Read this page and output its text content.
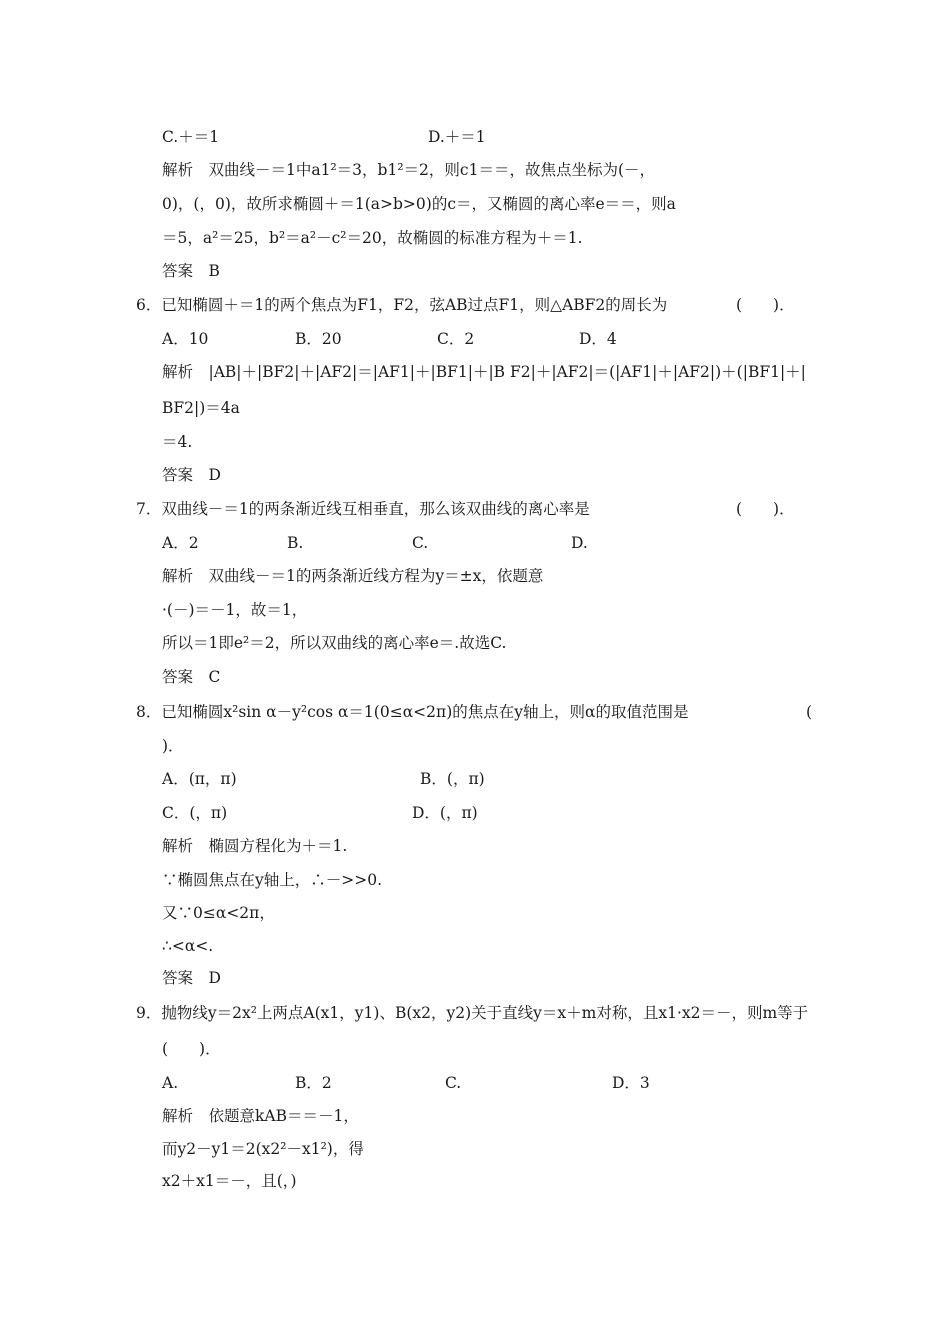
C.＋＝1	D.＋＝1
解析　双曲线－＝1中a1²＝3，b1²＝2，则c1＝＝，故焦点坐标为(－，
0)，(，0)，故所求椭圆＋＝1(a>b>0)的c＝，又椭圆的离心率e＝＝，则a
＝5，a²＝25，b²＝a²－c²＝20，故椭圆的标准方程为＋＝1.
答案　B
6．已知椭圆＋＝1的两个焦点为F1，F2，弦AB过点F1，则△ABF2的周长为	(　　)．
A．10	B．20	C．2	D．4
解析　|AB|＋|BF2|＋|AF2|＝|AF1|＋|BF1|＋|B F2|＋|AF2|＝(|AF1|＋|AF2|)＋(|BF1|＋|
BF2|)＝4a
＝4.
答案　D
7．双曲线－＝1的两条渐近线互相垂直，那么该双曲线的离心率是	(　　)．
A．2	B.	C.	D.
解析　双曲线－＝1的两条渐近线方程为y＝±x，依题意
·(－)＝－1，故＝1，
所以＝1即e²＝2，所以双曲线的离心率e＝.故选C.
答案　C
8．已知椭圆x²sin α－y²cos α＝1(0≤α<2π)的焦点在y轴上，则α的取值范围是	(
)．
A．(π，π)	B．(，π)
C．(，π)	D．(，π)
解析　椭圆方程化为＋＝1.
∵椭圆焦点在y轴上，∴－>>0.
又∵0≤α<2π，
∴<α<.
答案　D
9．抛物线y＝2x²上两点A(x1，y1)、B(x2，y2)关于直线y＝x＋m对称，且x1·x2＝－，则m等于
(　　)．
A.	B．2	C.	D．3
解析　依题意kAB＝＝－1，
而y2－y1＝2(x2²－x1²)，得
x2＋x1＝－，且(，)
